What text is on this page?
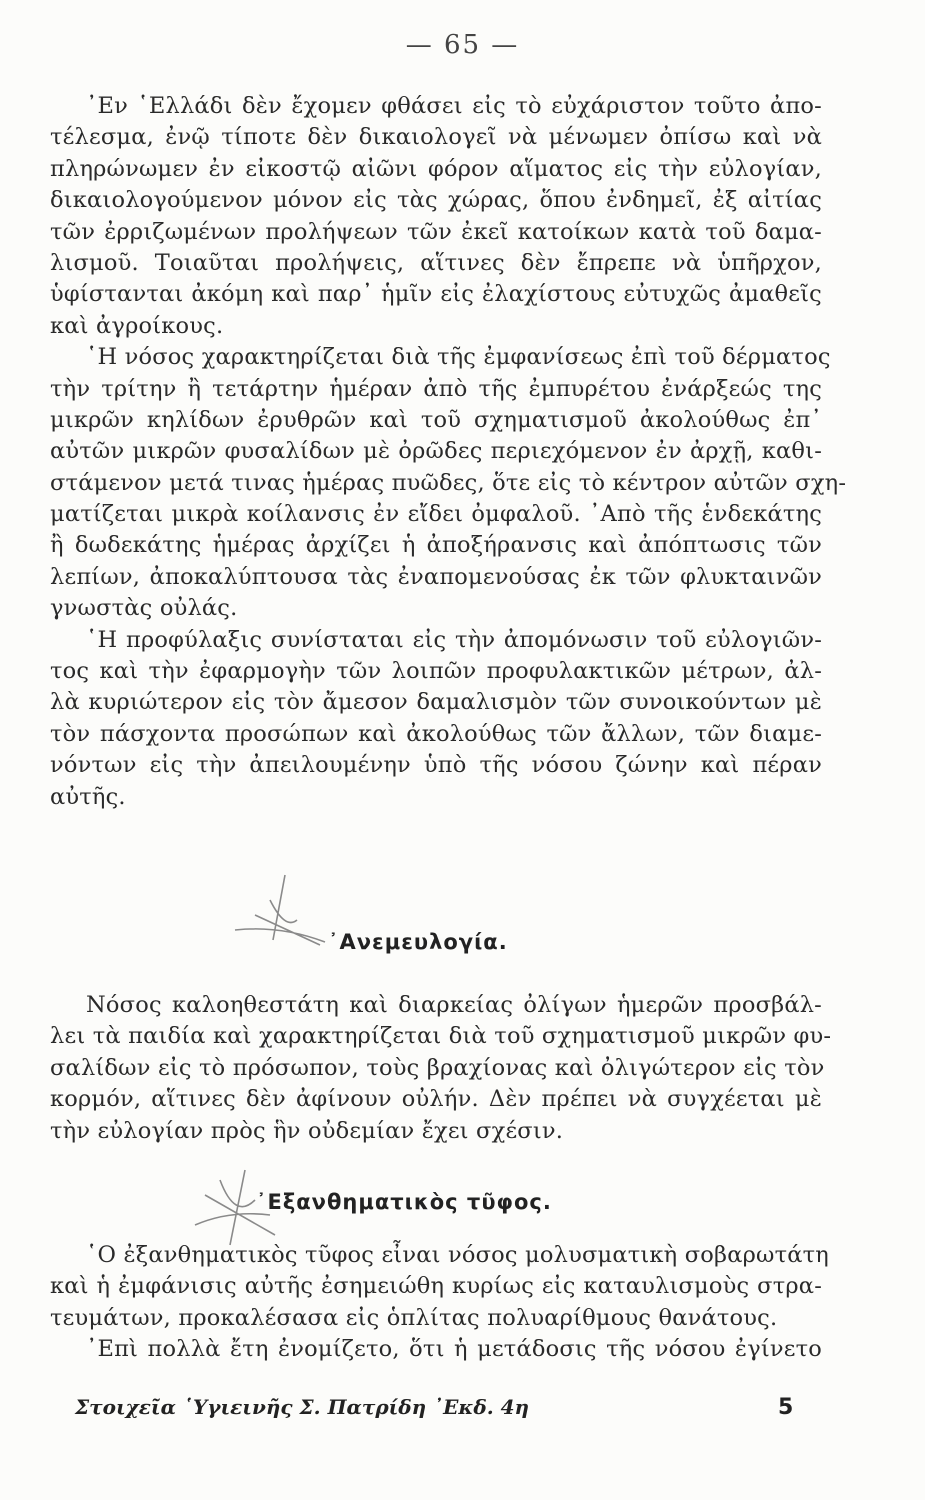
— 65 —
᾿Εν ῾Ελλάδι δὲν ἔχομεν φθάσει εἰς τὸ εὐχάριστον τοῦτο ἀπο-
τέλεσμα, ἐνῷ τίποτε δὲν δικαιολογεῖ νὰ μένωμεν ὀπίσω καὶ νὰ
πληρώνωμεν ἐν εἰκοστῷ αἰῶνι φόρον αἵματος εἰς τὴν εὐλογίαν,
δικαιολογούμενον μόνον εἰς τὰς χώρας, ὅπου ἐνδημεῖ, ἐξ αἰτίας
τῶν ἐρριζωμένων προλήψεων τῶν ἐκεῖ κατοίκων κατὰ τοῦ δαμα-
λισμοῦ. Τοιαῦται προλήψεις, αἵτινες δὲν ἔπρεπε νὰ ὑπῆρχον,
ὑφίστανται ἀκόμη καὶ παρ᾿ ἡμῖν εἰς ἐλαχίστους εὐτυχῶς ἀμαθεῖς
καὶ ἀγροίκους.
῾Η νόσος χαρακτηρίζεται διὰ τῆς ἐμφανίσεως ἐπὶ τοῦ δέρματος
τὴν τρίτην ἢ τετάρτην ἡμέραν ἀπὸ τῆς ἐμπυρέτου ἐνάρξεώς της
μικρῶν κηλίδων ἐρυθρῶν καὶ τοῦ σχηματισμοῦ ἀκολούθως ἐπ᾿
αὐτῶν μικρῶν φυσαλίδων μὲ ὀρῶδες περιεχόμενον ἐν ἀρχῇ, καθι-
στάμενον μετά τινας ἡμέρας πυῶδες, ὅτε εἰς τὸ κέντρον αὐτῶν σχη-
ματίζεται μικρὰ κοίλανσις ἐν εἴδει ὀμφαλοῦ. ᾿Απὸ τῆς ἑνδεκάτης
ἢ δωδεκάτης ἡμέρας ἀρχίζει ἡ ἀποξήρανσις καὶ ἀπόπτωσις τῶν
λεπίων, ἀποκαλύπτουσα τὰς ἐναπομενούσας ἐκ τῶν φλυκταινῶν
γνωστὰς οὐλάς.
῾Η προφύλαξις συνίσταται εἰς τὴν ἀπομόνωσιν τοῦ εὐλογιῶν-
τος καὶ τὴν ἐφαρμογὴν τῶν λοιπῶν προφυλακτικῶν μέτρων, ἀλ-
λὰ κυριώτερον εἰς τὸν ἄμεσον δαμαλισμὸν τῶν συνοικούντων μὲ
τὸν πάσχοντα προσώπων καὶ ἀκολούθως τῶν ἄλλων, τῶν διαμε-
νόντων εἰς τὴν ἀπειλουμένην ὑπὸ τῆς νόσου ζώνην καὶ πέραν
αὐτῆς.
᾿Ανεμευλογία.
Νόσος καλοηθεστάτη καὶ διαρκείας ὀλίγων ἡμερῶν προσβάλ-
λει τὰ παιδία καὶ χαρακτηρίζεται διὰ τοῦ σχηματισμοῦ μικρῶν φυ-
σαλίδων εἰς τὸ πρόσωπον, τοὺς βραχίονας καὶ ὀλιγώτερον εἰς τὸν
κορμόν, αἵτινες δὲν ἀφίνουν οὐλήν. Δὲν πρέπει νὰ συγχέεται μὲ
τὴν εὐλογίαν πρὸς ἣν οὐδεμίαν ἔχει σχέσιν.
᾿Εξανθηματικὸς τῦφος.
῾Ο ἐξανθηματικὸς τῦφος εἶναι νόσος μολυσματικὴ σοβαρωτάτη
καὶ ἡ ἐμφάνισις αὐτῆς ἐσημειώθη κυρίως εἰς καταυλισμοὺς στρα-
τευμάτων, προκαλέσασα εἰς ὁπλίτας πολυαρίθμους θανάτους.
᾿Επὶ πολλὰ ἔτη ἐνομίζετο, ὅτι ἡ μετάδοσις τῆς νόσου ἐγίνετο
Στοιχεῖα ῾Υγιεινῆς Σ. Πατρίδη ᾿Εκδ. 4η	5
